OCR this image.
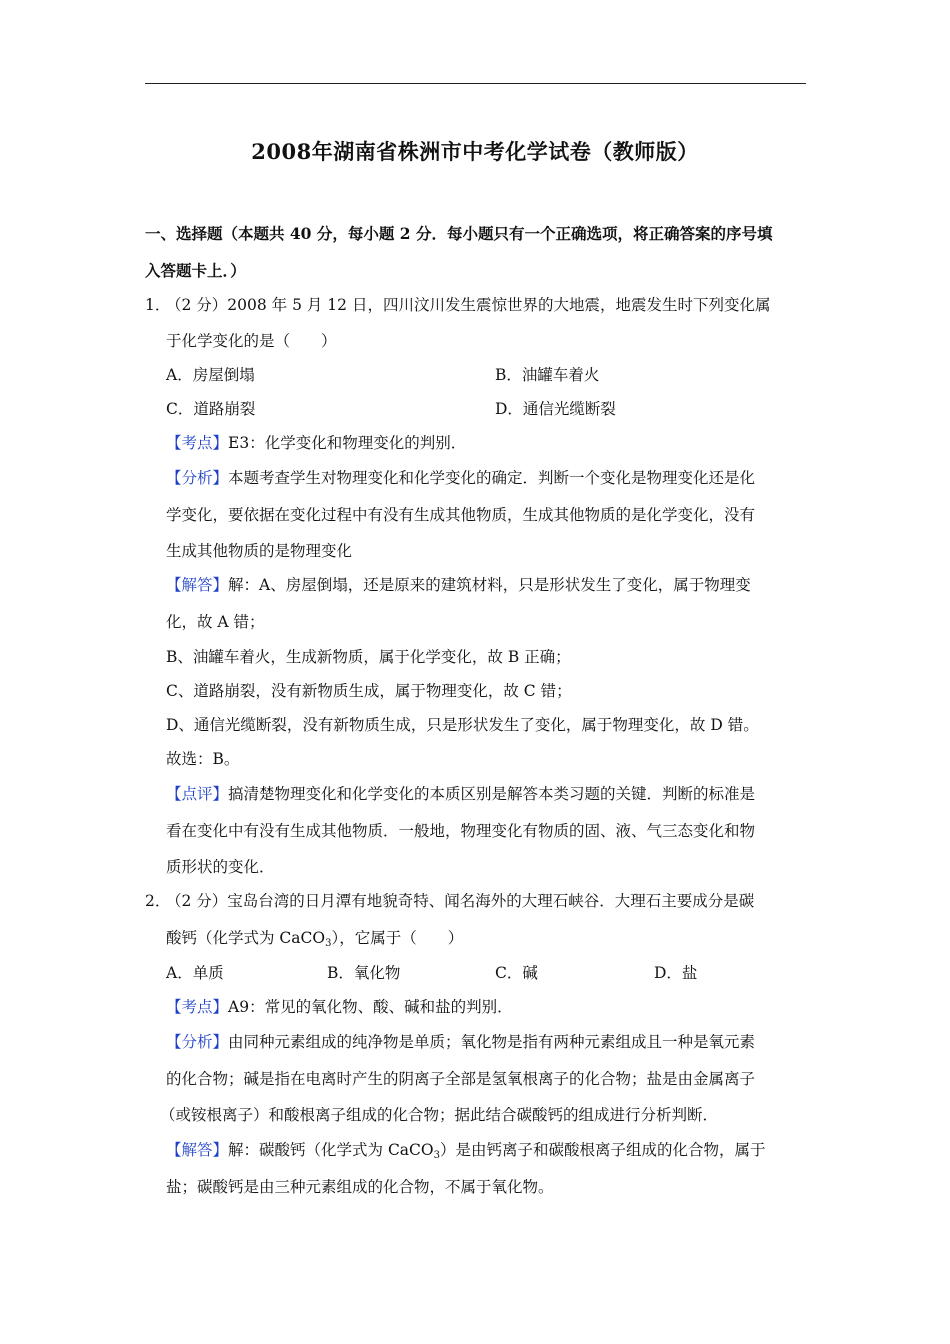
2008年湖南省株洲市中考化学试卷（教师版）
一、选择题（本题共 40 分，每小题 2 分．每小题只有一个正确选项，将正确答案的序号填
入答题卡上．）
1．
（2 分）2008 年 5 月 12 日，四川汶川发生震惊世界的大地震，地震发生时下列变化属
于化学变化的是（　　）
A．房屋倒塌	B．油罐车着火
C．道路崩裂	D．通信光缆断裂
【考点】E3：化学变化和物理变化的判别．
【分析】本题考查学生对物理变化和化学变化的确定．判断一个变化是物理变化还是化
学变化，要依据在变化过程中有没有生成其他物质，生成其他物质的是化学变化，没有
生成其他物质的是物理变化
【解答】解：A、房屋倒塌，还是原来的建筑材料，只是形状发生了变化，属于物理变
化，故 A 错；
B、油罐车着火，生成新物质，属于化学变化，故 B 正确；
C、道路崩裂，没有新物质生成，属于物理变化，故 C 错；
D、通信光缆断裂，没有新物质生成，只是形状发生了变化，属于物理变化，故 D 错。
故选：B。
【点评】搞清楚物理变化和化学变化的本质区别是解答本类习题的关键．判断的标准是
看在变化中有没有生成其他物质．一般地，物理变化有物质的固、液、气三态变化和物
质形状的变化．
2．
（2 分）宝岛台湾的日月潭有地貌奇特、闻名海外的大理石峡谷．大理石主要成分是碳
酸钙（化学式为 CaCO$_3$），它属于（　　）
A．单质	B．氧化物	C．碱	D．盐
【考点】A9：常见的氧化物、酸、碱和盐的判别．
【分析】由同种元素组成的纯净物是单质；氧化物是指有两种元素组成且一种是氧元素
的化合物；碱是指在电离时产生的阴离子全部是氢氧根离子的化合物；盐是由金属离子
（或铵根离子）和酸根离子组成的化合物；据此结合碳酸钙的组成进行分析判断．
【解答】解：碳酸钙（化学式为 CaCO$_3$）是由钙离子和碳酸根离子组成的化合物，属于
盐；碳酸钙是由三种元素组成的化合物，不属于氧化物。
